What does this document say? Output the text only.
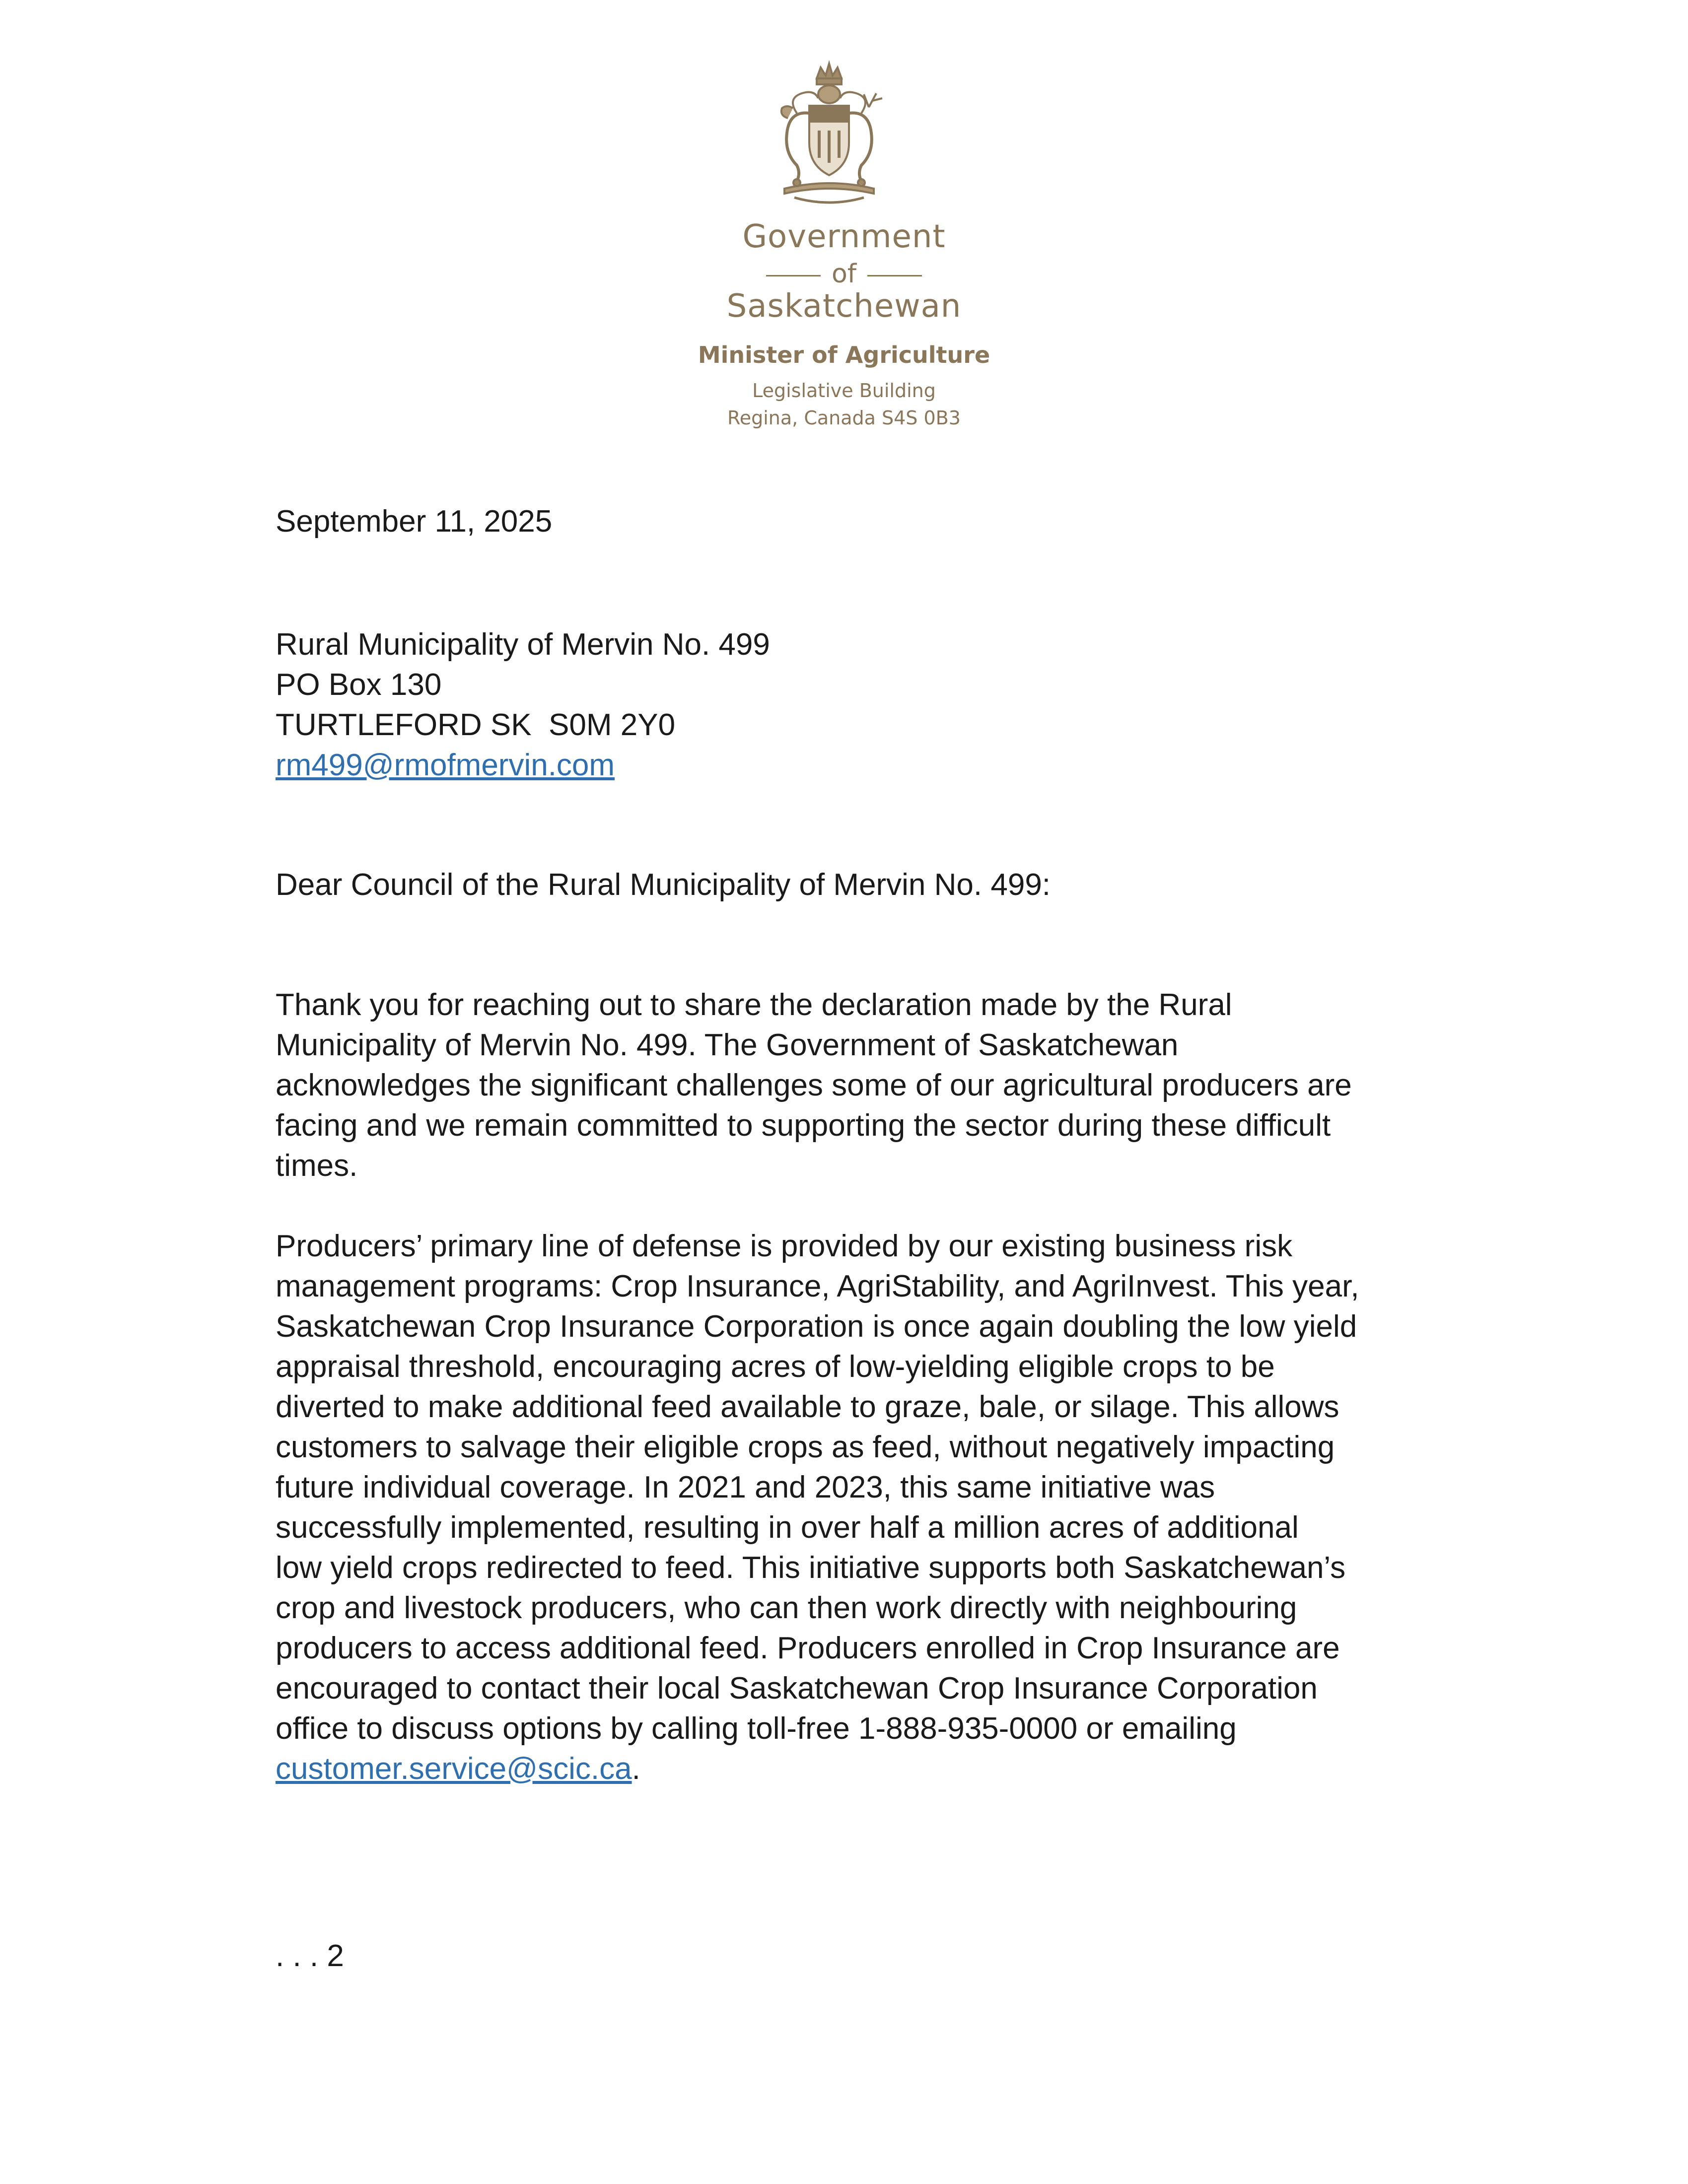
Government
of
Saskatchewan
Minister of Agriculture
Legislative Building
Regina, Canada S4S 0B3
September 11, 2025
Rural Municipality of Mervin No. 499
PO Box 130
TURTLEFORD SK  S0M 2Y0
rm499@rmofmervin.com
Dear Council of the Rural Municipality of Mervin No. 499:
Thank you for reaching out to share the declaration made by the Rural
Municipality of Mervin No. 499. The Government of Saskatchewan
acknowledges the significant challenges some of our agricultural producers are
facing and we remain committed to supporting the sector during these difficult
times.
Producers’ primary line of defense is provided by our existing business risk
management programs: Crop Insurance, AgriStability, and AgriInvest. This year,
Saskatchewan Crop Insurance Corporation is once again doubling the low yield
appraisal threshold, encouraging acres of low-yielding eligible crops to be
diverted to make additional feed available to graze, bale, or silage. This allows
customers to salvage their eligible crops as feed, without negatively impacting
future individual coverage. In 2021 and 2023, this same initiative was
successfully implemented, resulting in over half a million acres of additional
low yield crops redirected to feed. This initiative supports both Saskatchewan’s
crop and livestock producers, who can then work directly with neighbouring
producers to access additional feed. Producers enrolled in Crop Insurance are
encouraged to contact their local Saskatchewan Crop Insurance Corporation
office to discuss options by calling toll-free 1-888-935-0000 or emailing
customer.service@scic.ca.
. . . 2
